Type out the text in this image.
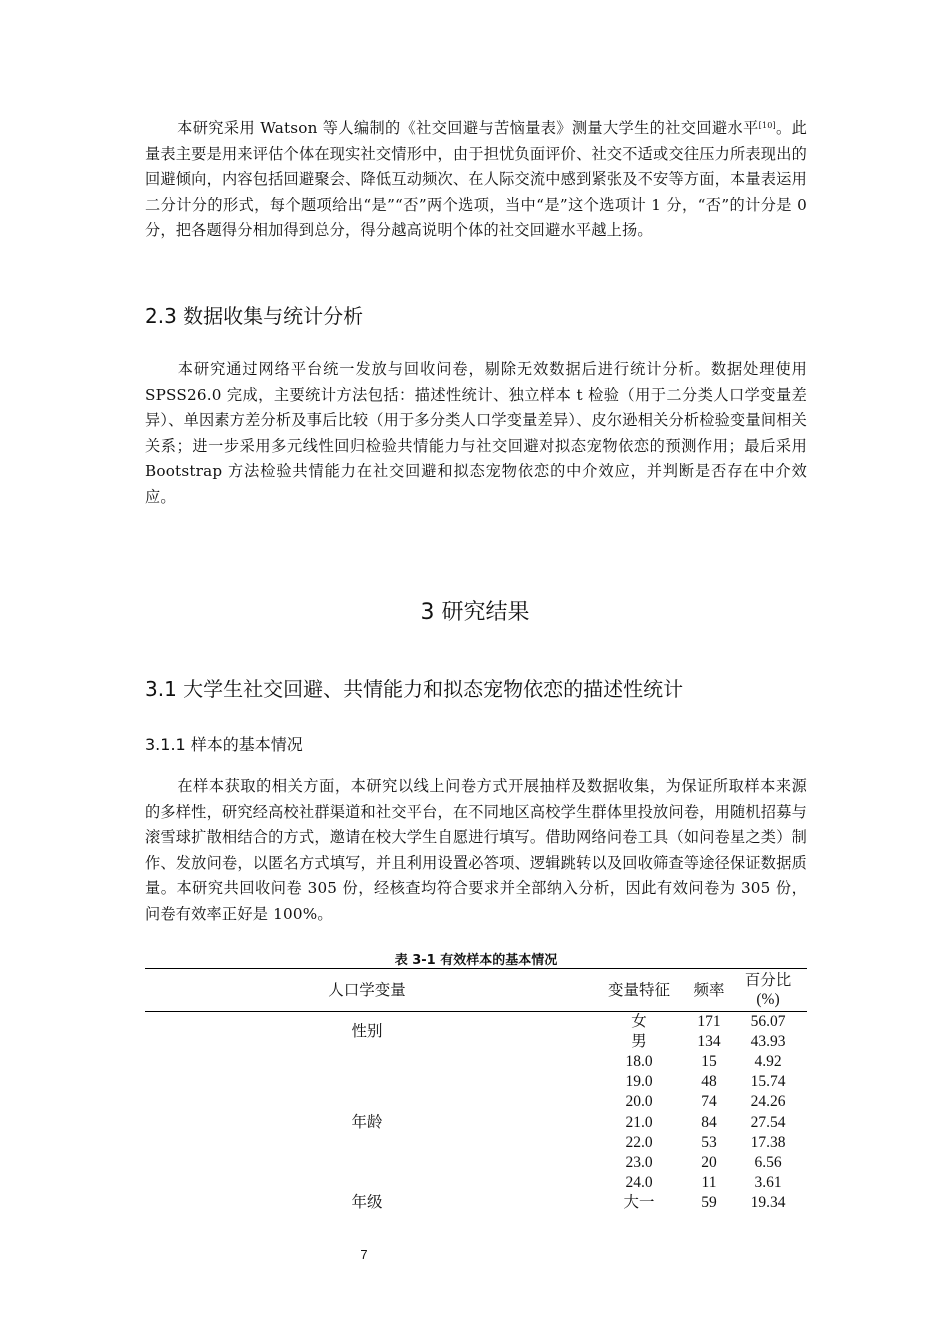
本研究采用 Watson 等人编制的《社交回避与苦恼量表》测量大学生的社交回避水平[10]。此量表主要是用来评估个体在现实社交情形中，由于担忧负面评价、社交不适或交往压力所表现出的回避倾向，内容包括回避聚会、降低互动频次、在人际交流中感到紧张及不安等方面，本量表运用二分计分的形式，每个题项给出“是”“否”两个选项，当中“是”这个选项计 1 分，“否”的计分是 0 分，把各题得分相加得到总分，得分越高说明个体的社交回避水平越上扬。

2.3 数据收集与统计分析

本研究通过网络平台统一发放与回收问卷，剔除无效数据后进行统计分析。数据处理使用 SPSS26.0 完成，主要统计方法包括：描述性统计、独立样本 t 检验（用于二分类人口学变量差异）、单因素方差分析及事后比较（用于多分类人口学变量差异）、皮尔逊相关分析检验变量间相关关系；进一步采用多元线性回归检验共情能力与社交回避对拟态宠物依恋的预测作用；最后采用 Bootstrap 方法检验共情能力在社交回避和拟态宠物依恋的中介效应，并判断是否存在中介效应。

3 研究结果
3.1 大学生社交回避、共情能力和拟态宠物依恋的描述性统计
3.1.1 样本的基本情况

在样本获取的相关方面，本研究以线上问卷方式开展抽样及数据收集，为保证所取样本来源的多样性，研究经高校社群渠道和社交平台，在不同地区高校学生群体里投放问卷，用随机招募与滚雪球扩散相结合的方式，邀请在校大学生自愿进行填写。借助网络问卷工具（如问卷星之类）制作、发放问卷，以匿名方式填写，并且利用设置必答项、逻辑跳转以及回收筛查等途径保证数据质量。本研究共回收问卷 305 份，经核查均符合要求并全部纳入分析，因此有效问卷为 305 份，问卷有效率正好是 100%。

表 3-1 有效样本的基本情况
人口学变量	变量特征	频率	百分比 (%)
性别	女	171	56.07
	男	134	43.93
年龄	18.0	15	4.92
	19.0	48	15.74
	20.0	74	24.26
	21.0	84	27.54
	22.0	53	17.38
	23.0	20	6.56
	24.0	11	3.61
年级	大一	59	19.34
7
